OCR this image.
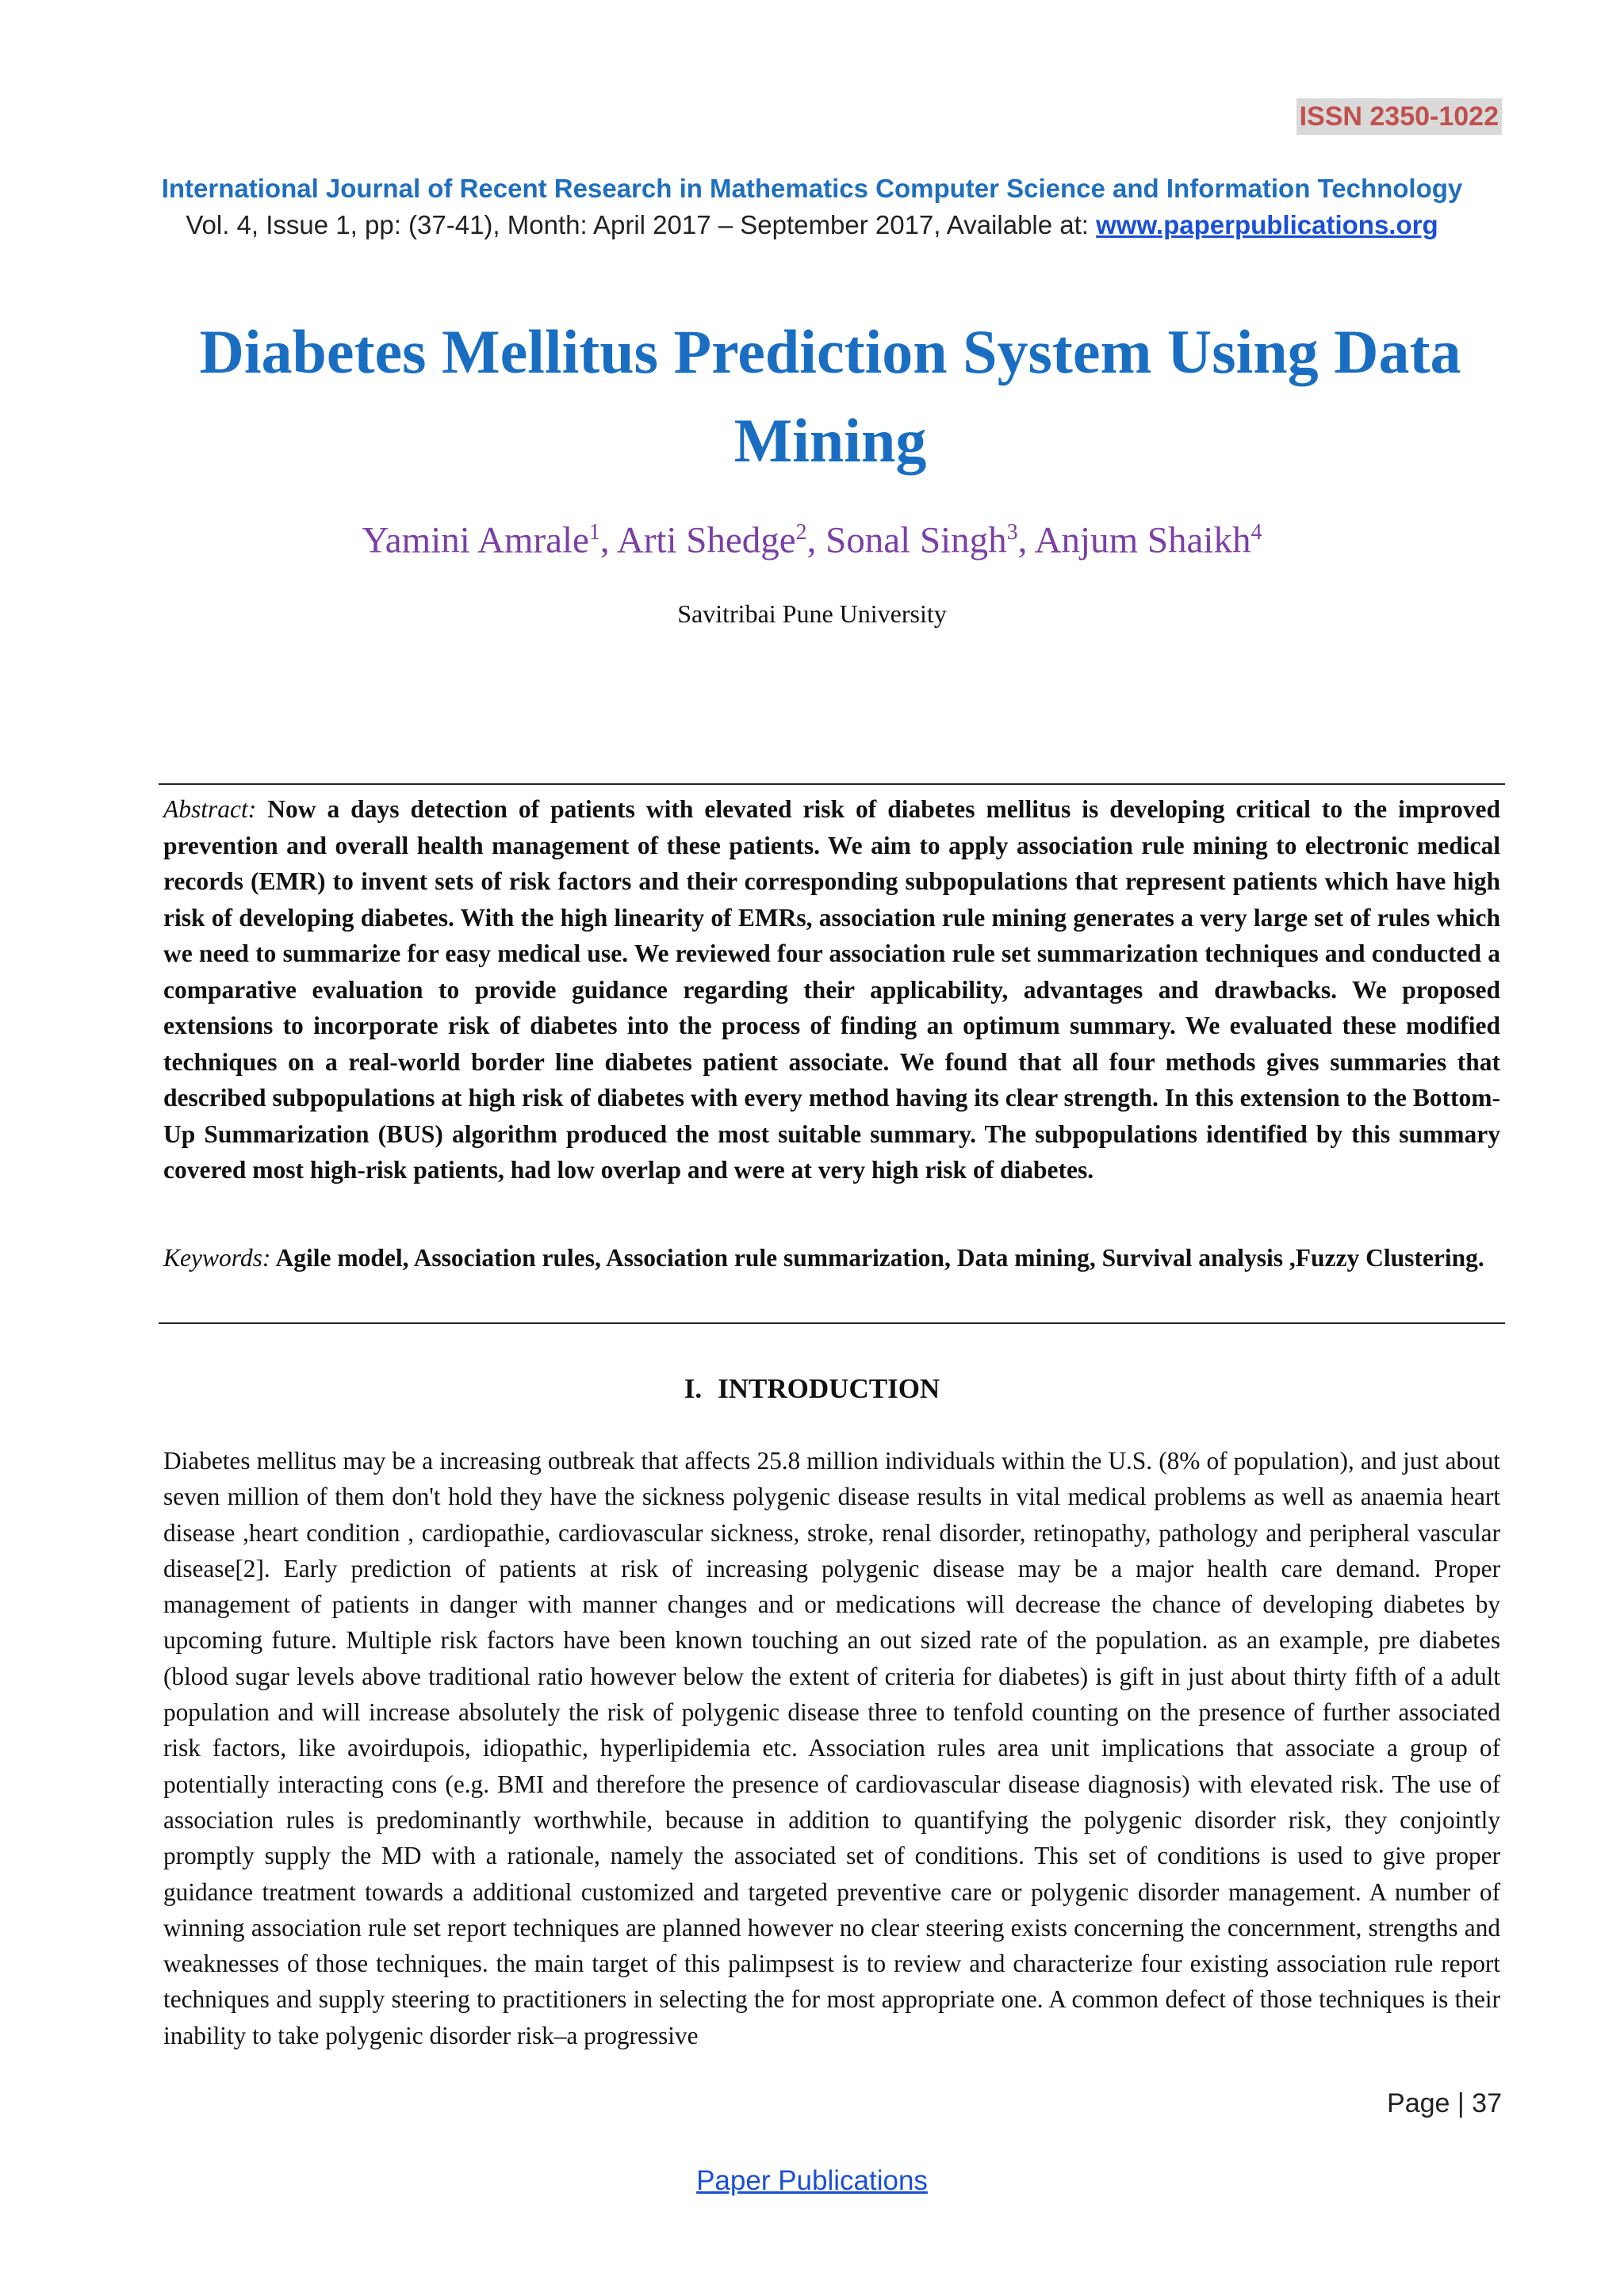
ISSN 2350-1022
International Journal of Recent Research in Mathematics Computer Science and Information Technology
Vol. 4, Issue 1, pp: (37-41), Month: April 2017 – September 2017, Available at: www.paperpublications.org
Diabetes Mellitus Prediction System Using Data Mining
Yamini Amrale$^1$, Arti Shedge$^2$, Sonal Singh$^3$, Anjum Shaikh$^4$
Savitribai Pune University

Abstract: Now a days detection of patients with elevated risk of diabetes mellitus is developing critical to the improved prevention and overall health management of these patients. We aim to apply association rule mining to electronic medical records (EMR) to invent sets of risk factors and their corresponding subpopulations that represent patients which have high risk of developing diabetes. With the high linearity of EMRs, association rule mining generates a very large set of rules which we need to summarize for easy medical use. We reviewed four association rule set summarization techniques and conducted a comparative evaluation to provide guidance regarding their applicability, advantages and drawbacks. We proposed extensions to incorporate risk of diabetes into the process of finding an optimum summary. We evaluated these modified techniques on a real-world border line diabetes patient associate. We found that all four methods gives summaries that described subpopulations at high risk of diabetes with every method having its clear strength. In this extension to the Bottom-Up Summarization (BUS) algorithm produced the most suitable summary. The subpopulations identified by this summary covered most high-risk patients, had low overlap and were at very high risk of diabetes.

Keywords: Agile model, Association rules, Association rule summarization, Data mining, Survival analysis ,Fuzzy Clustering.

I. INTRODUCTION

Diabetes mellitus may be a increasing outbreak that affects 25.8 million individuals within the U.S. (8% of population), and just about seven million of them don't hold they have the sickness polygenic disease results in vital medical problems as well as anaemia heart disease ,heart condition , cardiopathie, cardiovascular sickness, stroke, renal disorder, retinopathy, pathology and peripheral vascular disease[2]. Early prediction of patients at risk of increasing polygenic disease may be a major health care demand. Proper management of patients in danger with manner changes and or medications will decrease the chance of developing diabetes by upcoming future. Multiple risk factors have been known touching an out sized rate of the population. as an example, pre diabetes (blood sugar levels above traditional ratio however below the extent of criteria for diabetes) is gift in just about thirty fifth of a adult population and will increase absolutely the risk of polygenic disease three to tenfold counting on the presence of further associated risk factors, like avoirdupois, idiopathic, hyperlipidemia etc. Association rules area unit implications that associate a group of potentially interacting cons (e.g. BMI and therefore the presence of cardiovascular disease diagnosis) with elevated risk. The use of association rules is predominantly worthwhile, because in addition to quantifying the polygenic disorder risk, they conjointly promptly supply the MD with a rationale, namely the associated set of conditions. This set of conditions is used to give proper guidance treatment towards a additional customized and targeted preventive care or polygenic disorder management. A number of winning association rule set report techniques are planned however no clear steering exists concerning the concernment, strengths and weaknesses of those techniques. the main target of this palimpsest is to review and characterize four existing association rule report techniques and supply steering to practitioners in selecting the for most appropriate one. A common defect of those techniques is their inability to take polygenic disorder risk–a progressive

Page | 37
Paper Publications
